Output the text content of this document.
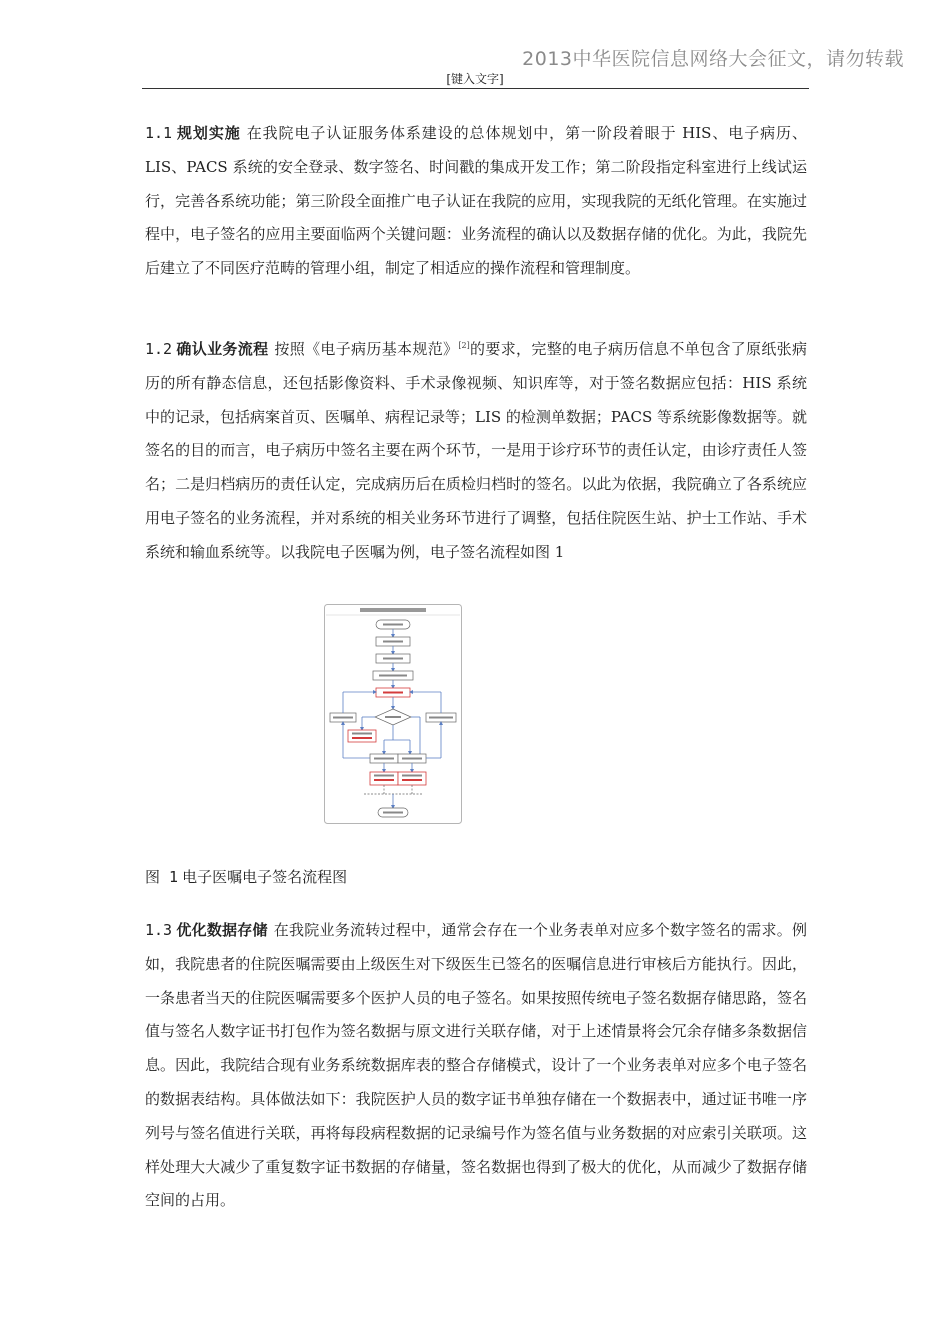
2013中华医院信息网络大会征文，请勿转载
[键入文字]

1.1 规划实施 在我院电子认证服务体系建设的总体规划中，第一阶段着眼于 HIS、电子病历、LIS、PACS 系统的安全登录、数字签名、时间戳的集成开发工作；第二阶段指定科室进行上线试运行，完善各系统功能；第三阶段全面推广电子认证在我院的应用，实现我院的无纸化管理。在实施过程中，电子签名的应用主要面临两个关键问题：业务流程的确认以及数据存储的优化。为此，我院先后建立了不同医疗范畴的管理小组，制定了相适应的操作流程和管理制度。

1.2 确认业务流程 按照《电子病历基本规范》[2]的要求，完整的电子病历信息不单包含了原纸张病历的所有静态信息，还包括影像资料、手术录像视频、知识库等，对于签名数据应包括：HIS 系统中的记录，包括病案首页、医嘱单、病程记录等；LIS 的检测单数据；PACS 等系统影像数据等。就签名的目的而言，电子病历中签名主要在两个环节，一是用于诊疗环节的责任认定，由诊疗责任人签名；二是归档病历的责任认定，完成病历后在质检归档时的签名。以此为依据，我院确立了各系统应用电子签名的业务流程，并对系统的相关业务环节进行了调整，包括住院医生站、护士工作站、手术系统和输血系统等。以我院电子医嘱为例，电子签名流程如图 1

图 1 电子医嘱电子签名流程图

1.3 优化数据存储 在我院业务流转过程中，通常会存在一个业务表单对应多个数字签名的需求。例如，我院患者的住院医嘱需要由上级医生对下级医生已签名的医嘱信息进行审核后方能执行。因此，一条患者当天的住院医嘱需要多个医护人员的电子签名。如果按照传统电子签名数据存储思路，签名值与签名人数字证书打包作为签名数据与原文进行关联存储，对于上述情景将会冗余存储多条数据信息。因此，我院结合现有业务系统数据库表的整合存储模式，设计了一个业务表单对应多个电子签名的数据表结构。具体做法如下：我院医护人员的数字证书单独存储在一个数据表中，通过证书唯一序列号与签名值进行关联，再将每段病程数据的记录编号作为签名值与业务数据的对应索引关联项。这样处理大大减少了重复数字证书数据的存储量，签名数据也得到了极大的优化，从而减少了数据存储空间的占用。
